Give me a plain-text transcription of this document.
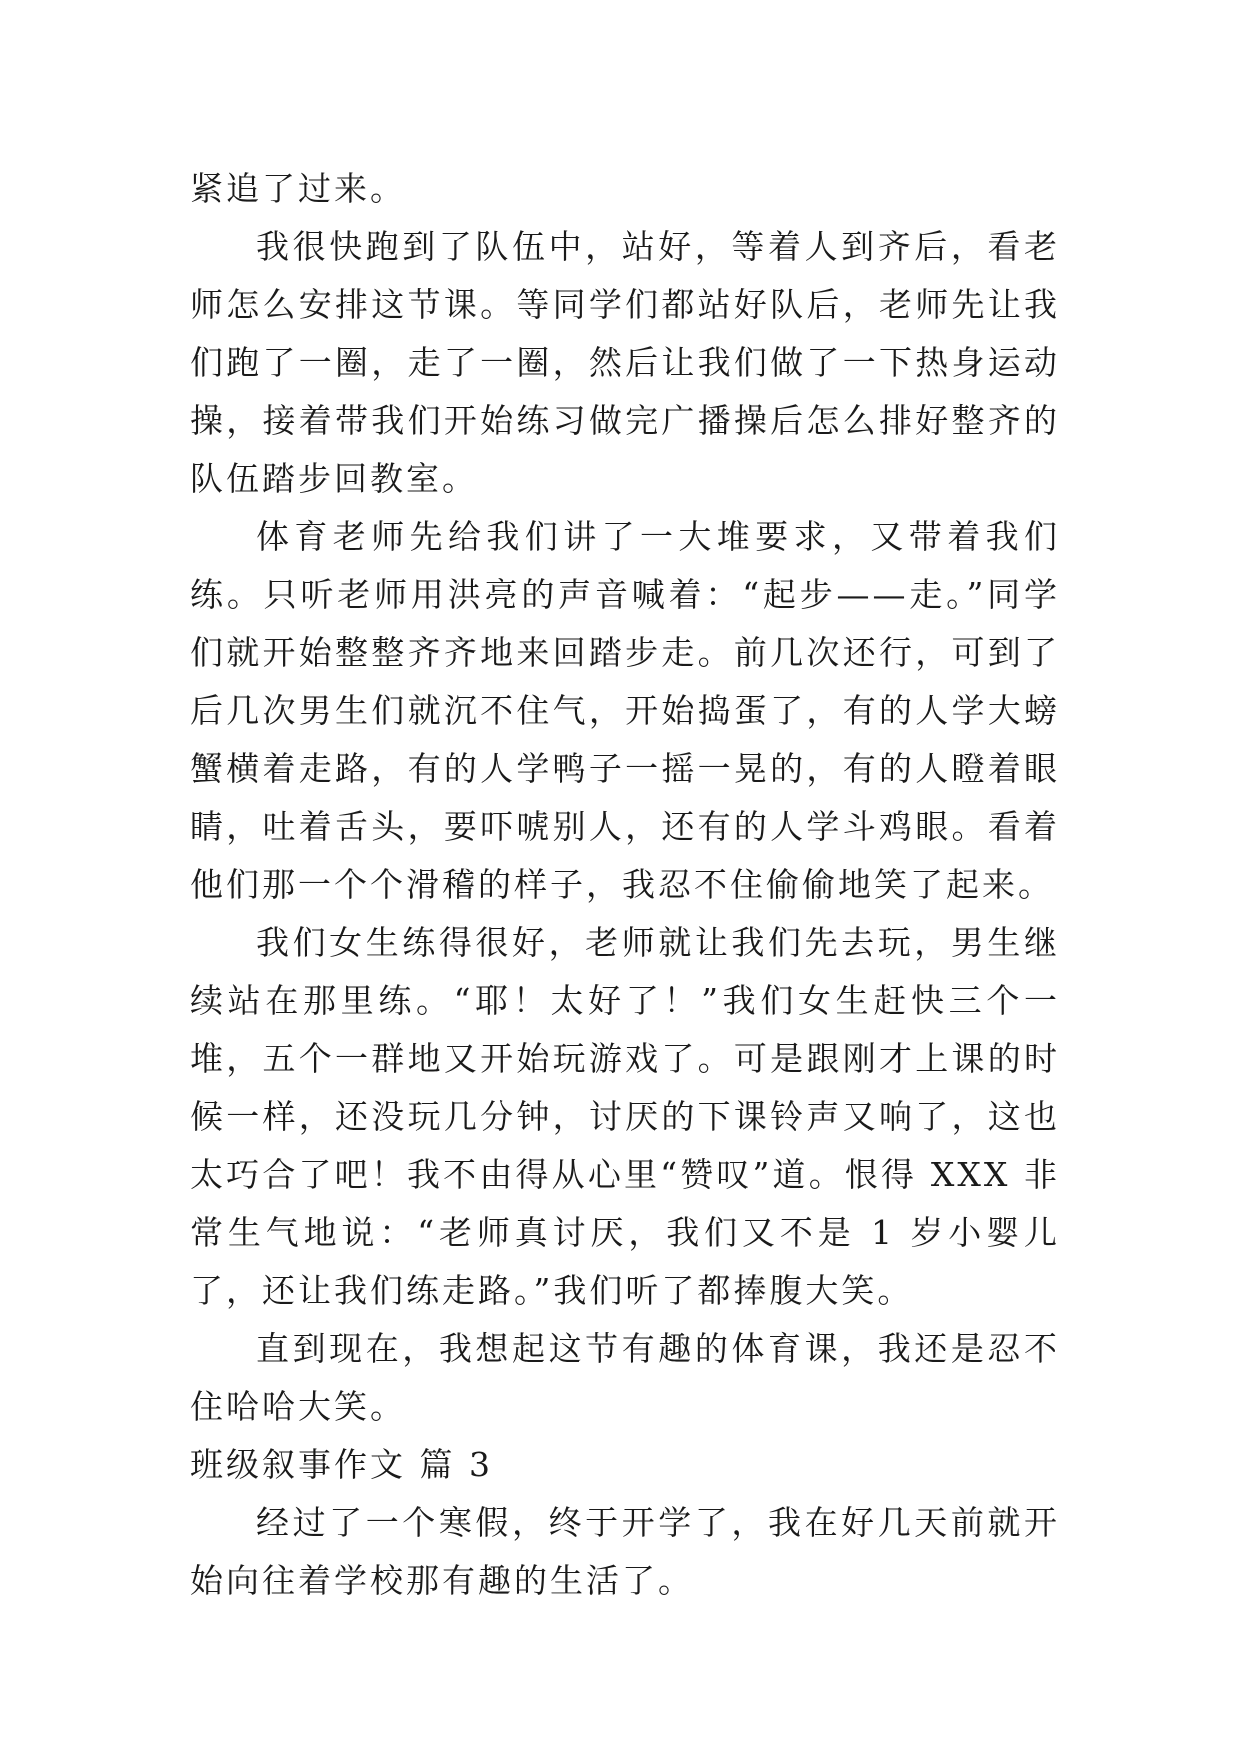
紧追了过来。

我很快跑到了队伍中，站好，等着人到齐后，看老师怎么安排这节课。等同学们都站好队后，老师先让我们跑了一圈，走了一圈，然后让我们做了一下热身运动操，接着带我们开始练习做完广播操后怎么排好整齐的队伍踏步回教室。

体育老师先给我们讲了一大堆要求，又带着我们练。只听老师用洪亮的声音喊着：“起步——走。”同学们就开始整整齐齐地来回踏步走。前几次还行，可到了后几次男生们就沉不住气，开始捣蛋了，有的人学大螃蟹横着走路，有的人学鸭子一摇一晃的，有的人瞪着眼睛，吐着舌头，要吓唬别人，还有的人学斗鸡眼。看着他们那一个个滑稽的样子，我忍不住偷偷地笑了起来。

我们女生练得很好，老师就让我们先去玩，男生继续站在那里练。“耶！太好了！”我们女生赶快三个一堆，五个一群地又开始玩游戏了。可是跟刚才上课的时候一样，还没玩几分钟，讨厌的下课铃声又响了，这也太巧合了吧！我不由得从心里“赞叹”道。恨得 XXX 非常生气地说：“老师真讨厌，我们又不是 1 岁小婴儿了，还让我们练走路。”我们听了都捧腹大笑。

直到现在，我想起这节有趣的体育课，我还是忍不住哈哈大笑。

班级叙事作文 篇 3

经过了一个寒假，终于开学了，我在好几天前就开始向往着学校那有趣的生活了。
